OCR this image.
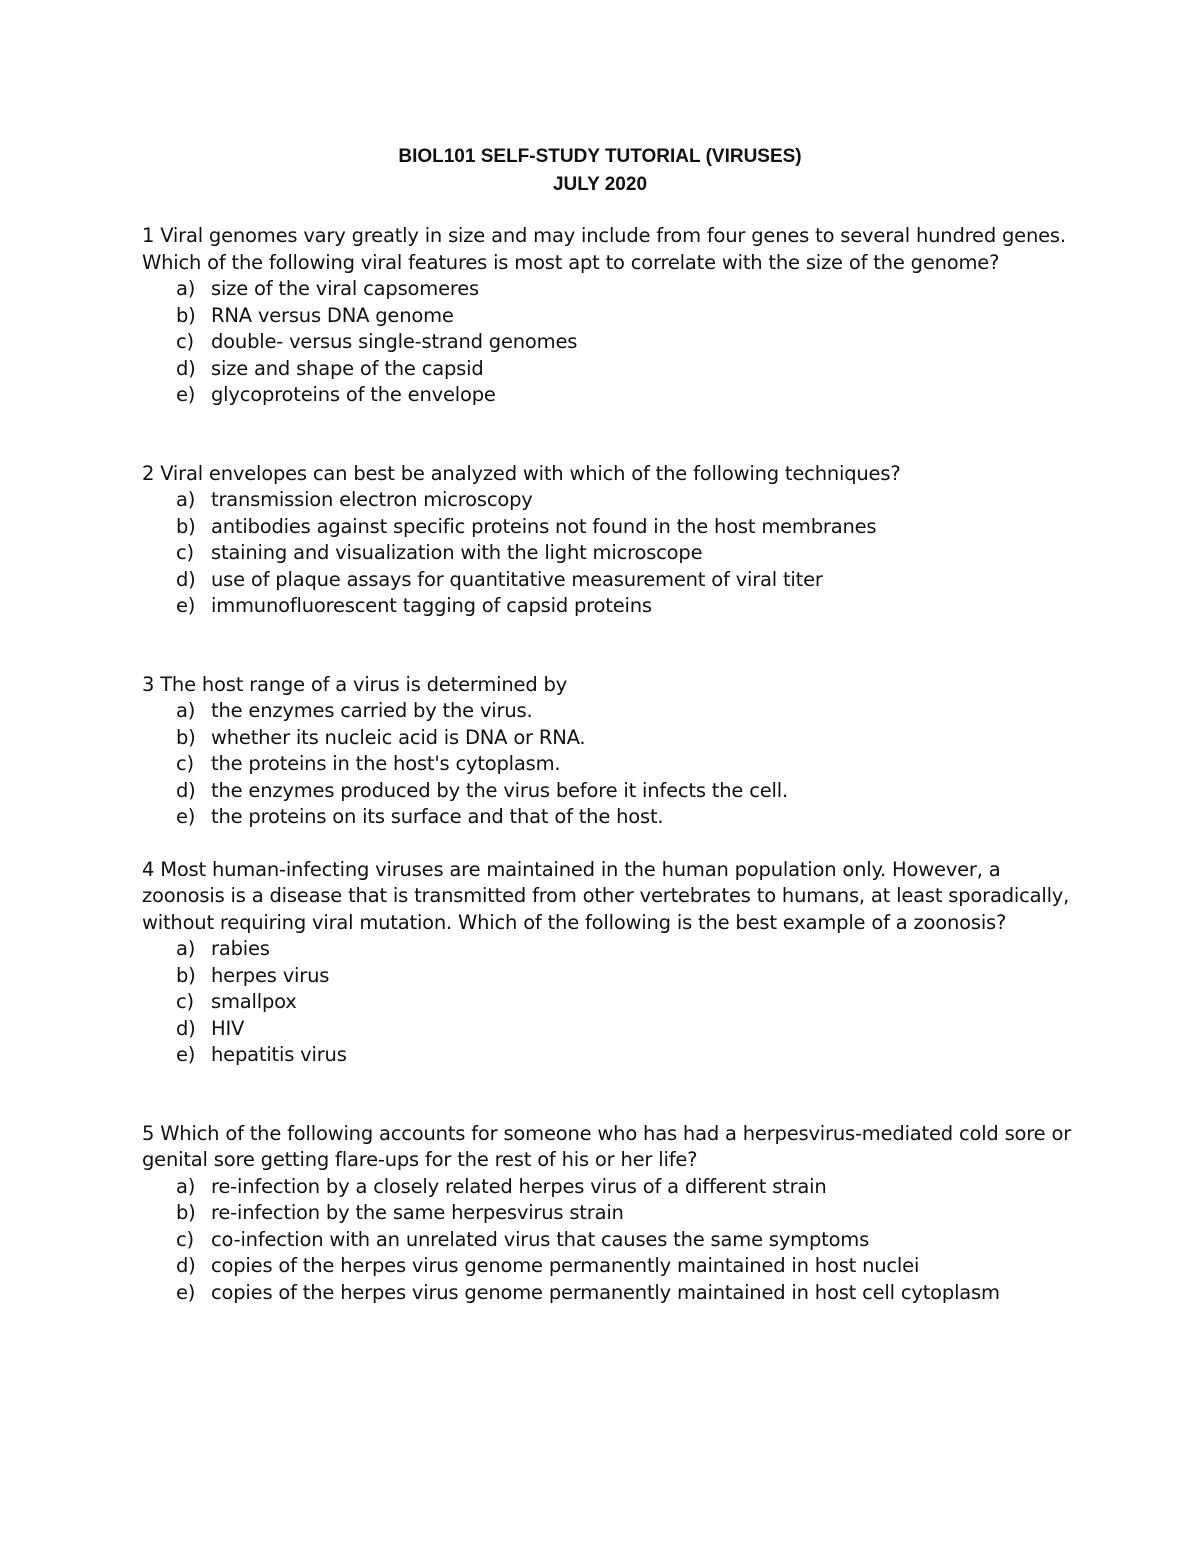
BIOL101 SELF-STUDY TUTORIAL (VIRUSES)
JULY 2020

1 Viral genomes vary greatly in size and may include from four genes to several hundred genes. Which of the following viral features is most apt to correlate with the size of the genome?

a) size of the viral capsomeres
b) RNA versus DNA genome
c) double- versus single-strand genomes
d) size and shape of the capsid
e) glycoproteins of the envelope

2 Viral envelopes can best be analyzed with which of the following techniques?

a) transmission electron microscopy
b) antibodies against specific proteins not found in the host membranes
c) staining and visualization with the light microscope
d) use of plaque assays for quantitative measurement of viral titer
e) immunofluorescent tagging of capsid proteins

3 The host range of a virus is determined by

a) the enzymes carried by the virus.
b) whether its nucleic acid is DNA or RNA.
c) the proteins in the host's cytoplasm.
d) the enzymes produced by the virus before it infects the cell.
e) the proteins on its surface and that of the host.

4 Most human-infecting viruses are maintained in the human population only. However, a zoonosis is a disease that is transmitted from other vertebrates to humans, at least sporadically, without requiring viral mutation. Which of the following is the best example of a zoonosis?

a) rabies
b) herpes virus
c) smallpox
d) HIV
e) hepatitis virus

5 Which of the following accounts for someone who has had a herpesvirus-mediated cold sore or genital sore getting flare-ups for the rest of his or her life?

a) re-infection by a closely related herpes virus of a different strain
b) re-infection by the same herpesvirus strain
c) co-infection with an unrelated virus that causes the same symptoms
d) copies of the herpes virus genome permanently maintained in host nuclei
e) copies of the herpes virus genome permanently maintained in host cell cytoplasm
